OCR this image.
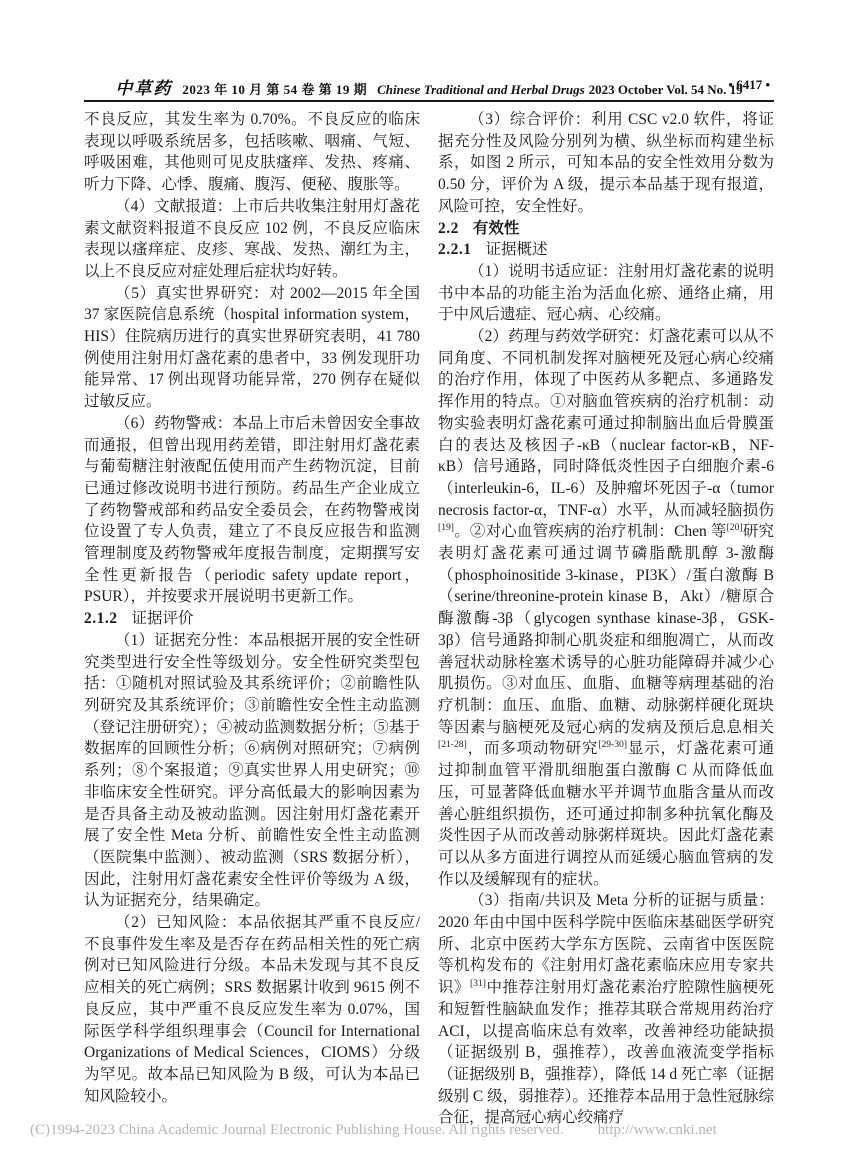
中草药 2023 年 10 月 第 54 卷 第 19 期 Chinese Traditional and Herbal Drugs 2023 October Vol. 54 No. 19
• 6417 •

不良反应，其发生率为 0.70%。不良反应的临床表现以呼吸系统居多，包括咳嗽、咽痛、气短、呼吸困难，其他则可见皮肤瘙痒、发热、疼痛、听力下降、心悸、腹痛、腹泻、便秘、腹胀等。

（4）文献报道：上市后共收集注射用灯盏花素文献资料报道不良反应 102 例，不良反应临床表现以瘙痒症、皮疹、寒战、发热、潮红为主，以上不良反应对症处理后症状均好转。

（5）真实世界研究：对 2002—2015 年全国 37 家医院信息系统（hospital information system，HIS）住院病历进行的真实世界研究表明，41 780 例使用注射用灯盏花素的患者中，33 例发现肝功能异常、17 例出现肾功能异常，270 例存在疑似过敏反应。

（6）药物警戒：本品上市后未曾因安全事故而通报，但曾出现用药差错，即注射用灯盏花素与葡萄糖注射液配伍使用而产生药物沉淀，目前已通过修改说明书进行预防。药品生产企业成立了药物警戒部和药品安全委员会，在药物警戒岗位设置了专人负责，建立了不良反应报告和监测管理制度及药物警戒年度报告制度，定期撰写安全性更新报告（periodic safety update report，PSUR），并按要求开展说明书更新工作。

2.1.2 证据评价

（1）证据充分性：本品根据开展的安全性研究类型进行安全性等级划分。安全性研究类型包括：①随机对照试验及其系统评价；②前瞻性队列研究及其系统评价；③前瞻性安全性主动监测（登记注册研究）；④被动监测数据分析；⑤基于数据库的回顾性分析；⑥病例对照研究；⑦病例系列；⑧个案报道；⑨真实世界人用史研究；⑩非临床安全性研究。评分高低最大的影响因素为是否具备主动及被动监测。因注射用灯盏花素开展了安全性 Meta 分析、前瞻性安全性主动监测（医院集中监测）、被动监测（SRS 数据分析），因此，注射用灯盏花素安全性评价等级为 A 级，认为证据充分，结果确定。

（2）已知风险：本品依据其严重不良反应/不良事件发生率及是否存在药品相关性的死亡病例对已知风险进行分级。本品未发现与其不良反应相关的死亡病例；SRS 数据累计收到 9615 例不良反应，其中严重不良反应发生率为 0.07%，国际医学科学组织理事会（Council for International Organizations of Medical Sciences，CIOMS）分级为罕见。故本品已知风险为 B 级，可认为本品已知风险较小。

（3）综合评价：利用 CSC v2.0 软件，将证据充分性及风险分别列为横、纵坐标而构建坐标系，如图 2 所示，可知本品的安全性效用分数为 0.50 分，评价为 A 级，提示本品基于现有报道，风险可控，安全性好。

2.2 有效性
2.2.1 证据概述

（1）说明书适应证：注射用灯盏花素的说明书中本品的功能主治为活血化瘀、通络止痛，用于中风后遗症、冠心病、心绞痛。

（2）药理与药效学研究：灯盏花素可以从不同角度、不同机制发挥对脑梗死及冠心病心绞痛的治疗作用，体现了中医药从多靶点、多通路发挥作用的特点。①对脑血管疾病的治疗机制：动物实验表明灯盏花素可通过抑制脑出血后骨膜蛋白的表达及核因子-κB（nuclear factor-κB，NF-κB）信号通路，同时降低炎性因子白细胞介素-6（interleukin-6，IL-6）及肿瘤坏死因子-α（tumor necrosis factor-α，TNF-α）水平，从而减轻脑损伤[19]。②对心血管疾病的治疗机制：Chen 等[20]研究表明灯盏花素可通过调节磷脂酰肌醇 3-激酶（phosphoinositide 3-kinase，PI3K）/蛋白激酶 B（serine/threonine-protein kinase B，Akt）/糖原合酶激酶-3β（glycogen synthase kinase-3β，GSK-3β）信号通路抑制心肌炎症和细胞凋亡，从而改善冠状动脉栓塞术诱导的心脏功能障碍并减少心肌损伤。③对血压、血脂、血糖等病理基础的治疗机制：血压、血脂、血糖、动脉粥样硬化斑块等因素与脑梗死及冠心病的发病及预后息息相关[21-28]，而多项动物研究[29-30]显示，灯盏花素可通过抑制血管平滑肌细胞蛋白激酶 C 从而降低血压，可显著降低血糖水平并调节血脂含量从而改善心脏组织损伤，还可通过抑制多种抗氧化酶及炎性因子从而改善动脉粥样斑块。因此灯盏花素可以从多方面进行调控从而延缓心脑血管病的发作以及缓解现有的症状。

（3）指南/共识及 Meta 分析的证据与质量：2020 年由中国中医科学院中医临床基础医学研究所、北京中医药大学东方医院、云南省中医医院等机构发布的《注射用灯盏花素临床应用专家共识》[31]中推荐注射用灯盏花素治疗腔隙性脑梗死和短暂性脑缺血发作；推荐其联合常规用药治疗 ACI，以提高临床总有效率，改善神经功能缺损（证据级别 B，强推荐），改善血液流变学指标（证据级别 B，强推荐），降低 14 d 死亡率（证据级别 C 级，弱推荐）。还推荐本品用于急性冠脉综合征，提高冠心病心绞痛疗

(C)1994-2023 China Academic Journal Electronic Publishing House. All rights reserved. http://www.cnki.net
